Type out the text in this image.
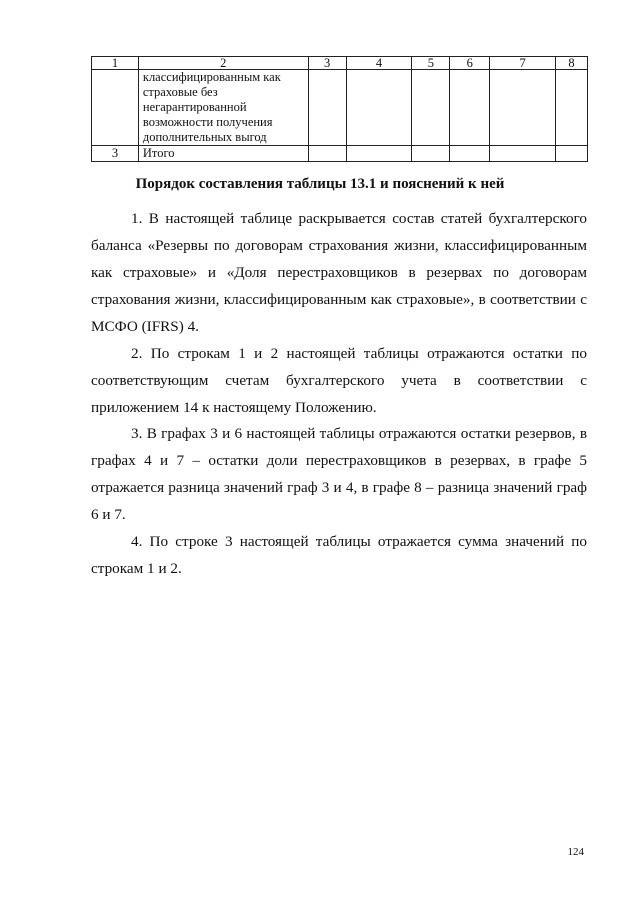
1	2	3	4	5	6	7	8
	классифицированным как страховые без негарантированной возможности получения дополнительных выгод						
3	Итого						
Порядок составления таблицы 13.1 и пояснений к ней

1. В настоящей таблице раскрывается состав статей бухгалтерского баланса «Резервы по договорам страхования жизни, классифицированным как страховые» и «Доля перестраховщиков в резервах по договорам страхования жизни, классифицированным как страховые», в соответствии с МСФО (IFRS) 4.

2. По строкам 1 и 2 настоящей таблицы отражаются остатки по соответствующим счетам бухгалтерского учета в соответствии с приложением 14 к настоящему Положению.

3. В графах 3 и 6 настоящей таблицы отражаются остатки резервов, в графах 4 и 7 – остатки доли перестраховщиков в резервах, в графе 5 отражается разница значений граф 3 и 4, в графе 8 – разница значений граф 6 и 7.

4. По строке 3 настоящей таблицы отражается сумма значений по строкам 1 и 2.

124
